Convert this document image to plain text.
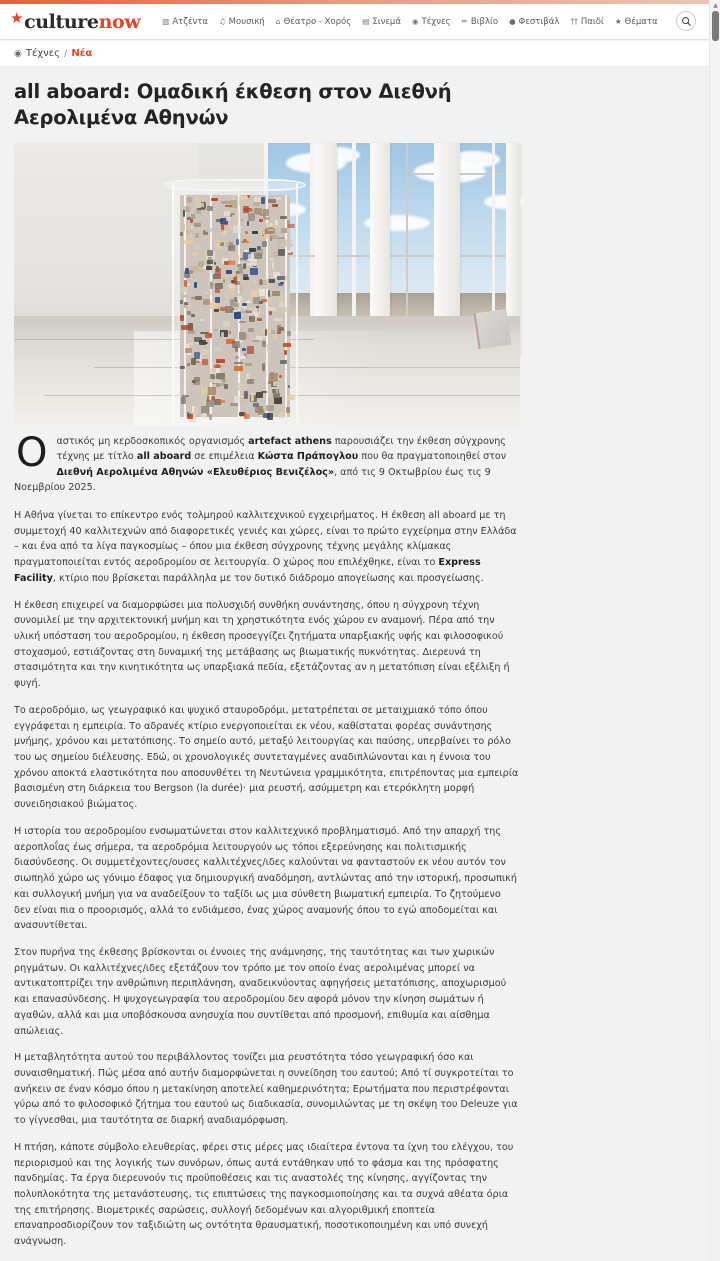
★ culture now	▥ Ατζέντα ♫ Μουσική ⌂ Θέατρο - Χορός ▤ Σινεμά ◉ Τέχνες ✏ Βιβλίο ● Φεστιβάλ †† Παιδί ★ Θέματα
◉ Τέχνες / Νέα
all aboard: Ομαδική έκθεση στον Διεθνή Αερολιμένα Αθηνών

Οαστικός μη κερδοσκοπικός οργανισμός artefact athens παρουσιάζει την έκθεση σύγχρονης τέχνης με τίτλο all aboard σε επιμέλεια Κώστα Πράπογλου που θα πραγματοποιηθεί στον Διεθνή Αερολιμένα Αθηνών «Ελευθέριος Βενιζέλος», από τις 9 Οκτωβρίου έως τις 9 Νοεμβρίου 2025.

Η Αθήνα γίνεται το επίκεντρο ενός τολμηρού καλλιτεχνικού εγχειρήματος. Η έκθεση all aboard με τη συμμετοχή 40 καλλιτεχνών από διαφορετικές γενιές και χώρες, είναι το πρώτο εγχείρημα στην Ελλάδα – και ένα από τα λίγα παγκοσμίως – όπου μια έκθεση σύγχρονης τέχνης μεγάλης κλίμακας πραγματοποιείται εντός αεροδρομίου σε λειτουργία. Ο χώρος που επιλέχθηκε, είναι το Express Facility, κτίριο που βρίσκεται παράλληλα με τον δυτικό διάδρομο απογείωσης και προσγείωσης.

Η έκθεση επιχειρεί να διαμορφώσει μια πολυσχιδή συνθήκη συνάντησης, όπου η σύγχρονη τέχνη συνομιλεί με την αρχιτεκτονική μνήμη και τη χρηστικότητα ενός χώρου εν αναμονή. Πέρα από την υλική υπόσταση του αεροδρομίου, η έκθεση προσεγγίζει ζητήματα υπαρξιακής υφής και φιλοσοφικού στοχασμού, εστιάζοντας στη δυναμική της μετάβασης ως βιωματικής πυκνότητας. Διερευνά τη στασιμότητα και την κινητικότητα ως υπαρξιακά πεδία, εξετάζοντας αν η μετατόπιση είναι εξέλιξη ή φυγή.

Το αεροδρόμιο, ως γεωγραφικό και ψυχικό σταυροδρόμι, μετατρέπεται σε μεταιχμιακό τόπο όπου εγγράφεται η εμπειρία. Το αδρανές κτίριο ενεργοποιείται εκ νέου, καθίσταται φορέας συνάντησης μνήμης, χρόνου και μετατόπισης. Το σημείο αυτό, μεταξύ λειτουργίας και παύσης, υπερβαίνει το ρόλο του ως σημείου διέλευσης. Εδώ, οι χρονολογικές συντεταγμένες αναδιπλώνονται και η έννοια του χρόνου αποκτά ελαστικότητα που αποσυνθέτει τη Νευτώνεια γραμμικότητα, επιτρέποντας μια εμπειρία βασισμένη στη διάρκεια του Bergson (la durée)· μια ρευστή, ασύμμετρη και ετερόκλητη μορφή συνειδησιακού βιώματος.

Η ιστορία του αεροδρομίου ενσωματώνεται στον καλλιτεχνικό προβληματισμό. Από την απαρχή της αεροπλοΐας έως σήμερα, τα αεροδρόμια λειτουργούν ως τόποι εξερεύνησης και πολιτισμικής διασύνδεσης. Οι συμμετέχοντες/ουσες καλλιτέχνες/ιδες καλούνται να φανταστούν εκ νέου αυτόν τον σιωπηλό χώρο ως γόνιμο έδαφος για δημιουργική αναδόμηση, αντλώντας από την ιστορική, προσωπική και συλλογική μνήμη για να αναδείξουν το ταξίδι ως μια σύνθετη βιωματική εμπειρία. Το ζητούμενο δεν είναι πια ο προορισμός, αλλά το ενδιάμεσο, ένας χώρος αναμονής όπου το εγώ αποδομείται και ανασυντίθεται.

Στον πυρήνα της έκθεσης βρίσκονται οι έννοιες της ανάμνησης, της ταυτότητας και των χωρικών ρηγμάτων. Οι καλλιτέχνες/ιδες εξετάζουν τον τρόπο με τον οποίο ένας αερολιμένας μπορεί να αντικατοπτρίζει την ανθρώπινη περιπλάνηση, αναδεικνύοντας αφηγήσεις μετατόπισης, αποχωρισμού και επανασύνδεσης. Η ψυχογεωγραφία του αεροδρομίου δεν αφορά μόνον την κίνηση σωμάτων ή αγαθών, αλλά και μια υποβόσκουσα ανησυχία που συντίθεται από προσμονή, επιθυμία και αίσθημα απώλειας.

Η μεταβλητότητα αυτού του περιβάλλοντος τονίζει μια ρευστότητα τόσο γεωγραφική όσο και συναισθηματική. Πώς μέσα από αυτήν διαμορφώνεται η συνείδηση του εαυτού; Από τί συγκροτείται το ανήκειν σε έναν κόσμο όπου η μετακίνηση αποτελεί καθημερινότητα; Ερωτήματα που περιστρέφονται γύρω από το φιλοσοφικό ζήτημα του εαυτού ως διαδικασία, συνομιλώντας με τη σκέψη του Deleuze για το γίγνεσθαι, μια ταυτότητα σε διαρκή αναδιαμόρφωση.

Η πτήση, κάποτε σύμβολο ελευθερίας, φέρει στις μέρες μας ιδιαίτερα έντονα τα ίχνη του ελέγχου, του περιορισμού και της λογικής των συνόρων, όπως αυτά εντάθηκαν υπό το φάσμα και της πρόσφατης πανδημίας. Τα έργα διερευνούν τις προϋποθέσεις και τις αναστολές της κίνησης, αγγίζοντας την πολυπλοκότητα της μετανάστευσης, τις επιπτώσεις της παγκοσμιοποίησης και τα συχνά αθέατα όρια της επιτήρησης. Βιομετρικές σαρώσεις, συλλογή δεδομένων και αλγοριθμική εποπτεία επαναπροσδιορίζουν τον ταξιδιώτη ως οντότητα θραυσματική, ποσοτικοποιημένη και υπό συνεχή ανάγνωση.

▲
